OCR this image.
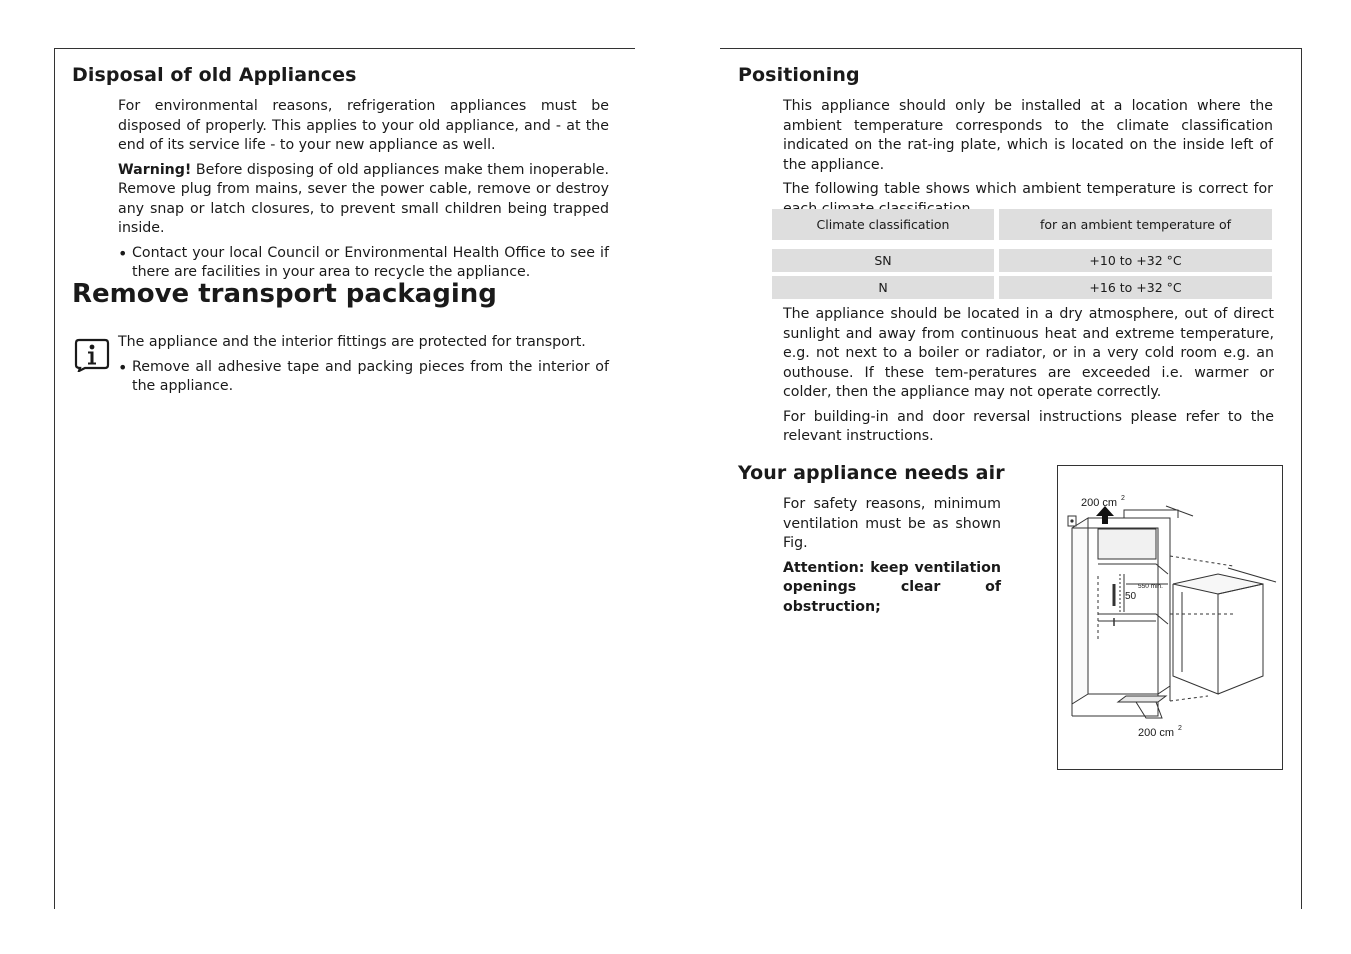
Disposal of old Appliances

For environmental reasons, refrigeration appliances must be disposed of properly. This applies to your old appliance, and - at the end of its service life - to your new appliance as well.

Warning! Before disposing of old appliances make them inoperable. Remove plug from mains, sever the power cable, remove or destroy any snap or latch closures, to prevent small children being trapped inside.

• Contact your local Council or Environmental Health Office to see if there are facilities in your area to recycle the appliance.

Remove transport packaging

The appliance and the interior fittings are protected for transport.

• Remove all adhesive tape and packing pieces from the interior of the appliance.

Positioning

This appliance should only be installed at a location where the ambient temperature corresponds to the climate classification indicated on the rat-ing plate, which is located on the inside left of the appliance.

The following table shows which ambient temperature is correct for

Climate classification	for an ambient temperature of

SN	+10 to +32 °C

N	+16 to +32 °C

The appliance should be located in a dry atmosphere, out of direct sunlight and away from continuous heat and extreme temperature, e.g. not next to a boiler or radiator, or in a very cold room e.g. an outhouse. If these tem-peratures are exceeded i.e. warmer or colder, then the appliance may not operate correctly.

For building-in and door reversal instructions please refer to the relevant instructions.

Your appliance needs air

For safety reasons, minimum ventilation must be as shown Fig.

Attention: keep ventilation openings clear of obstruction;

200 cm 2
550 min.
50
200 cm 2
